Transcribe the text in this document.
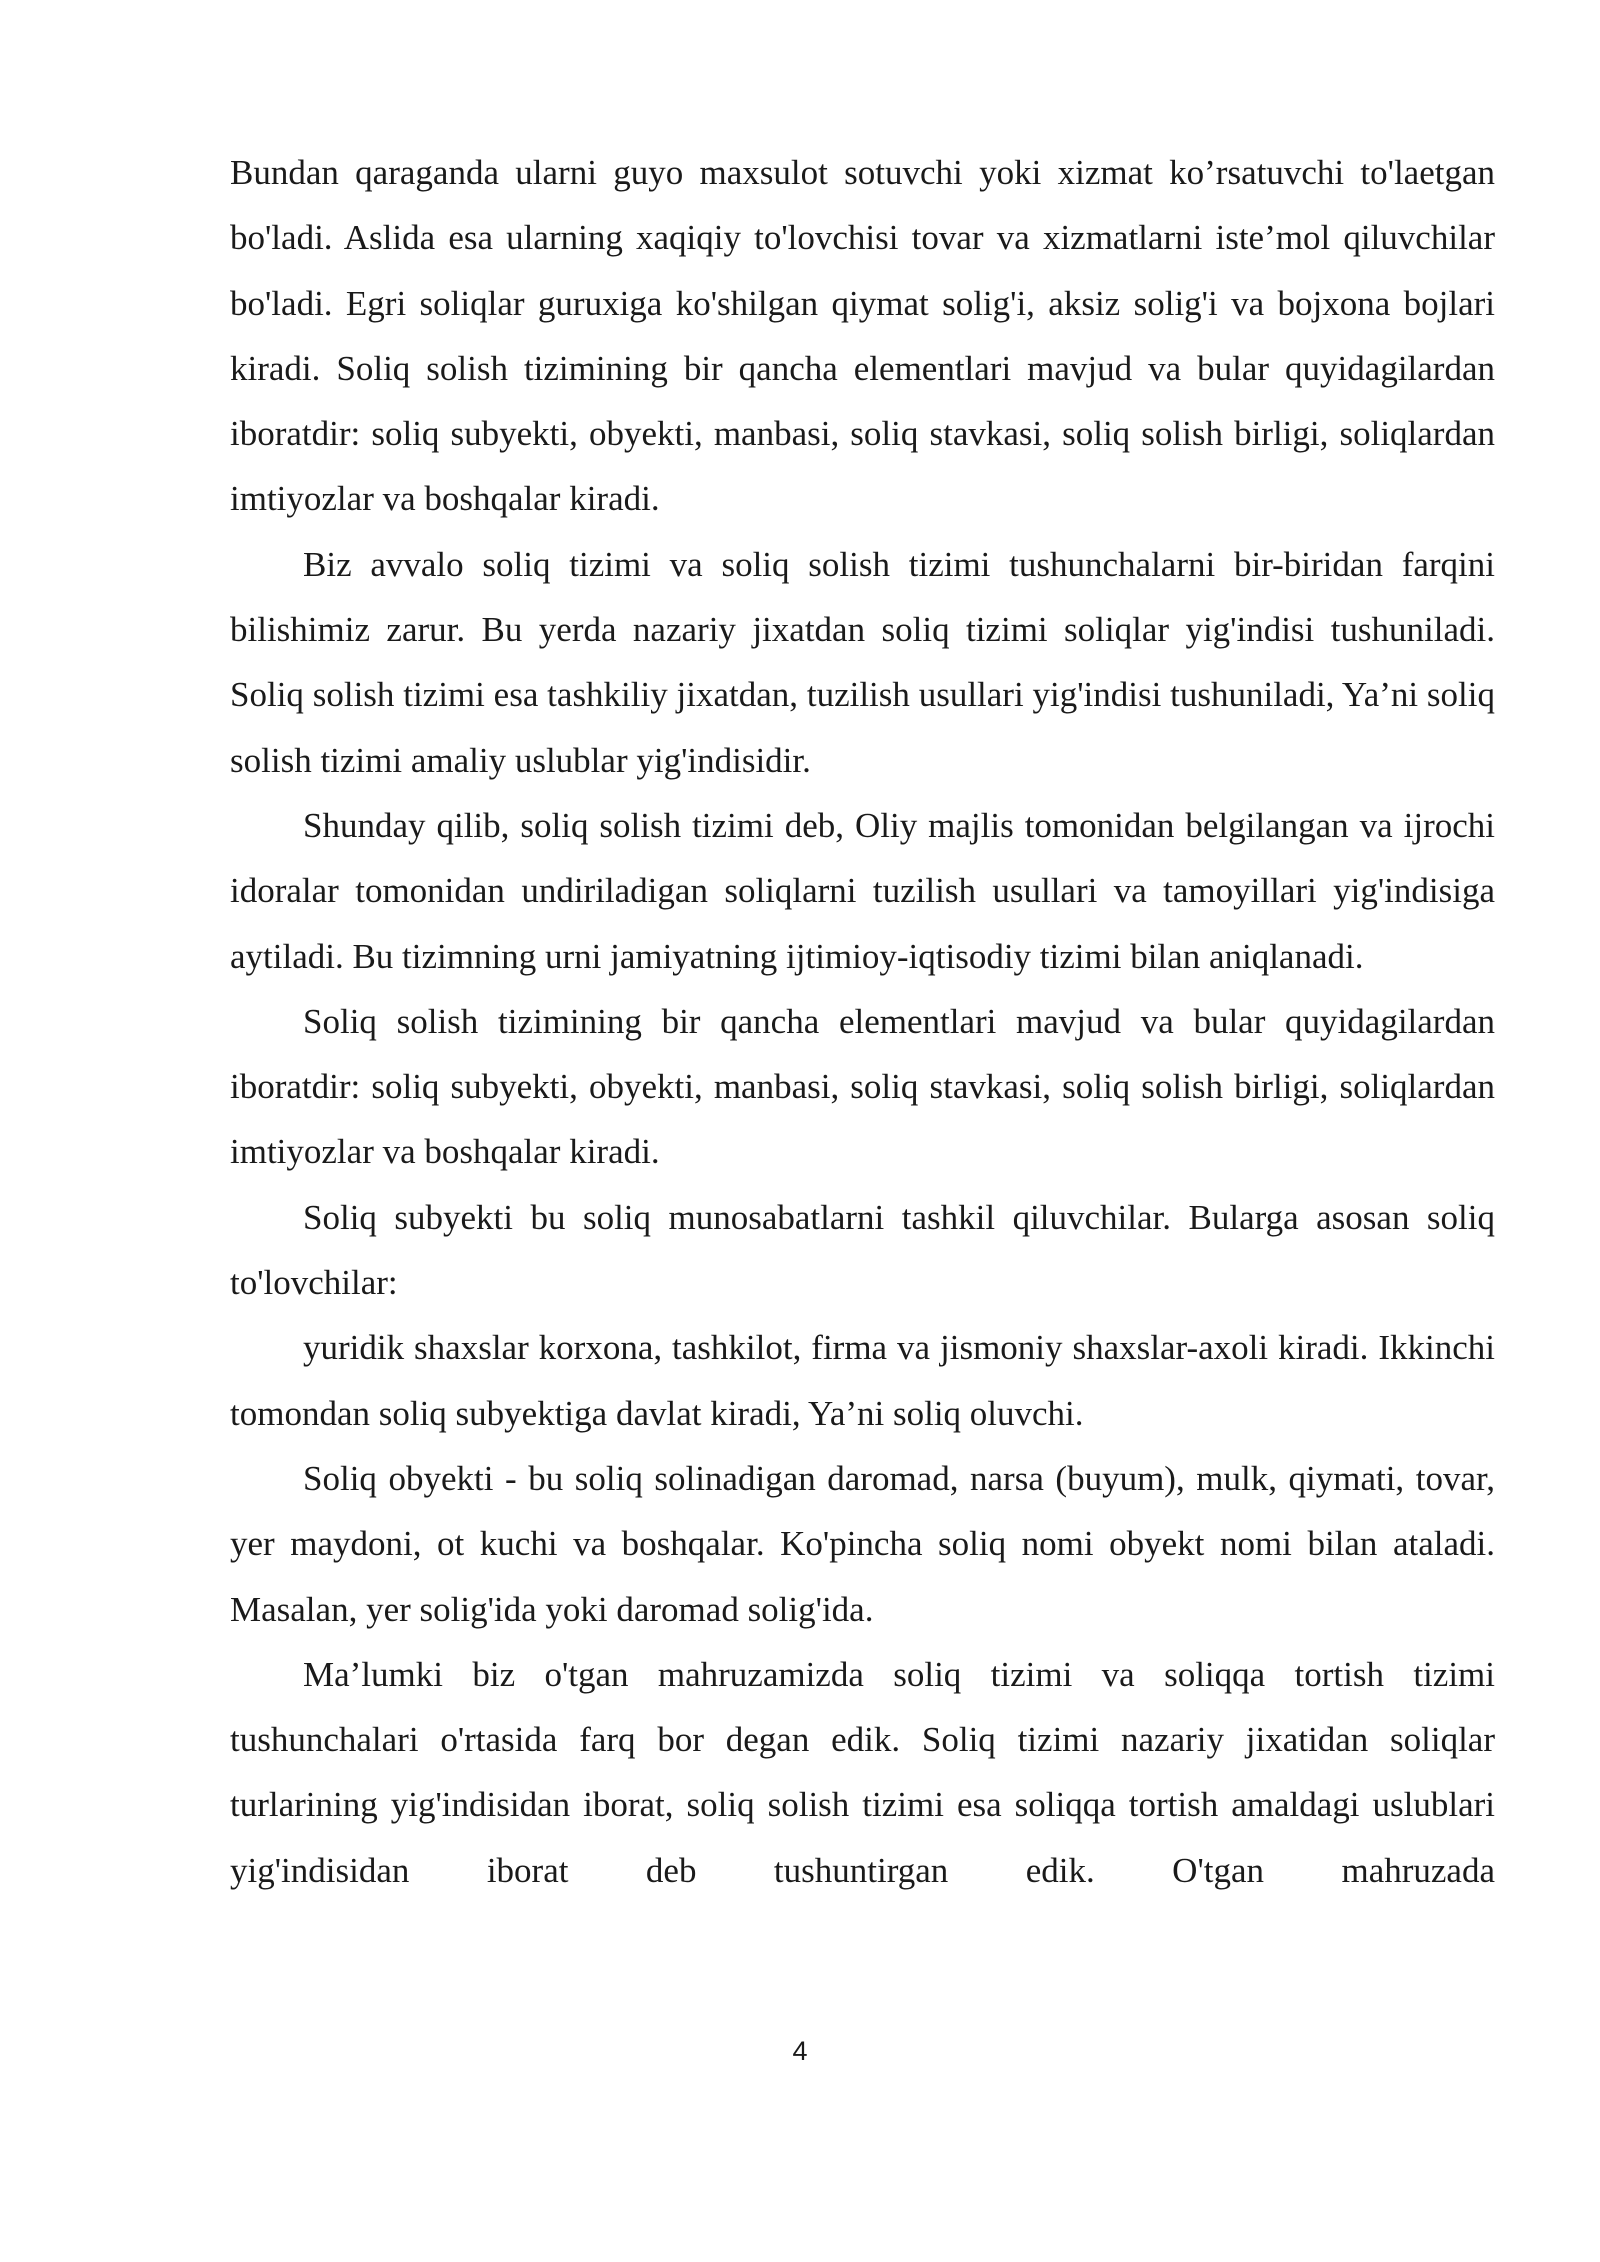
Bundan qaraganda ularni guyo maxsulot sotuvchi yoki xizmat ko’rsatuvchi to'laetgan bo'ladi. Aslida esa ularning xaqiqiy to'lovchisi tovar va xizmatlarni iste’mol qiluvchilar bo'ladi. Egri soliqlar guruxiga ko'shilgan qiymat solig'i, aksiz solig'i va bojxona bojlari kiradi. Soliq solish tizimining bir qancha elementlari mavjud va bular quyidagilardan iboratdir: soliq subyekti, obyekti, manbasi, soliq stavkasi, soliq solish birligi, soliqlardan imtiyozlar va boshqalar kiradi.

Biz avvalo soliq tizimi va soliq solish tizimi tushunchalarni bir-biridan farqini bilishimiz zarur. Bu yerda nazariy jixatdan soliq tizimi soliqlar yig'indisi tushuniladi. Soliq solish tizimi esa tashkiliy jixatdan, tuzilish usullari yig'indisi tushuniladi, Ya’ni soliq solish tizimi amaliy uslublar yig'indisidir.

Shunday qilib, soliq solish tizimi deb, Oliy majlis tomonidan belgilangan va ijrochi idoralar tomonidan undiriladigan soliqlarni tuzilish usullari va tamoyillari yig'indisiga aytiladi. Bu tizimning urni jamiyatning ijtimioy-iqtisodiy tizimi bilan aniqlanadi.

Soliq solish tizimining bir qancha elementlari mavjud va bular quyidagilardan iboratdir: soliq subyekti, obyekti, manbasi, soliq stavkasi, soliq solish birligi, soliqlardan imtiyozlar va boshqalar kiradi.

Soliq subyekti bu soliq munosabatlarni tashkil qiluvchilar. Bularga asosan soliq to'lovchilar:

yuridik shaxslar korxona, tashkilot, firma va jismoniy shaxslar-axoli kiradi. Ikkinchi tomondan soliq subyektiga davlat kiradi, Ya’ni soliq oluvchi.

Soliq obyekti - bu soliq solinadigan daromad, narsa (buyum), mulk, qiymati, tovar, yer maydoni, ot kuchi va boshqalar. Ko'pincha soliq nomi obyekt nomi bilan ataladi. Masalan, yer solig'ida yoki daromad solig'ida.

Ma’lumki biz o'tgan mahruzamizda soliq tizimi va soliqqa tortish tizimi tushunchalari o'rtasida farq bor degan edik. Soliq tizimi nazariy jixatidan soliqlar turlarining yig'indisidan iborat, soliq solish tizimi esa soliqqa tortish amaldagi uslublari yig'indisidan iborat deb tushuntirgan edik. O'tgan mahruzada

4
